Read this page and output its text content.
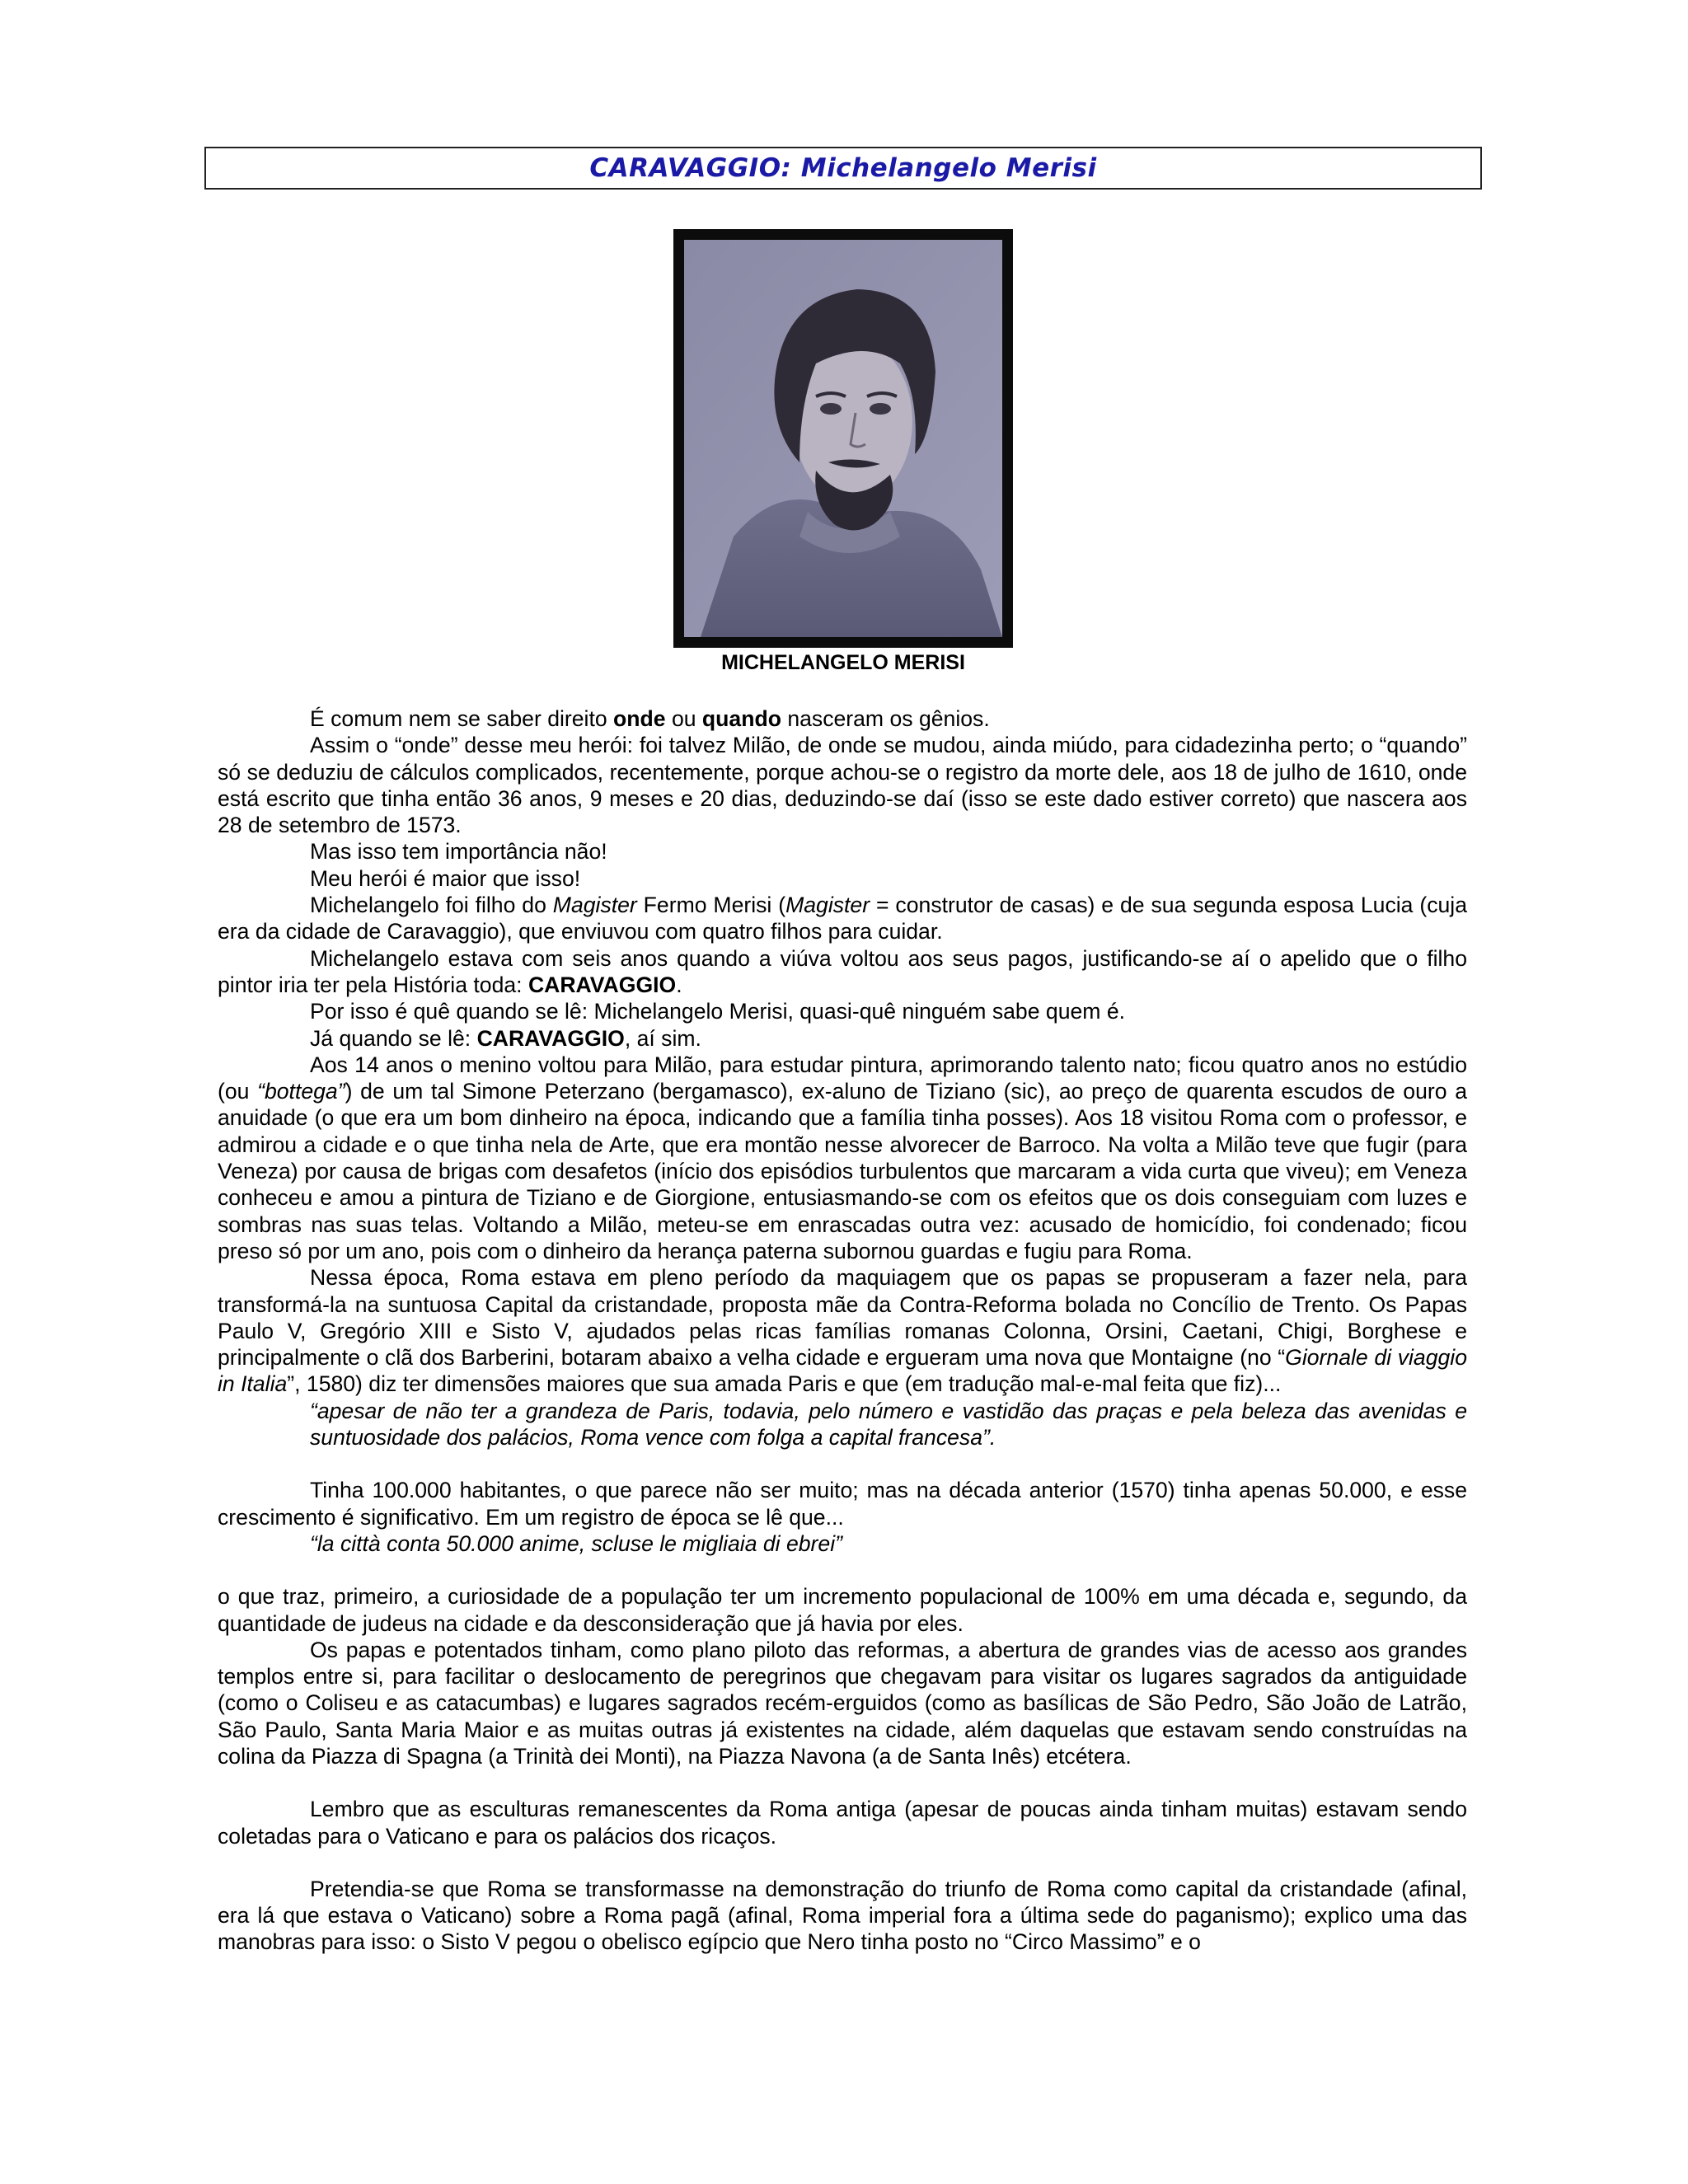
CARAVAGGIO: Michelangelo Merisi
MICHELANGELO MERISI

É comum nem se saber direito onde ou quando nasceram os gênios.

Assim o “onde” desse meu herói: foi talvez Milão, de onde se mudou, ainda miúdo, para cidadezinha perto; o “quando” só se deduziu de cálculos complicados, recentemente, porque achou-se o registro da morte dele, aos 18 de julho de 1610, onde está escrito que tinha então 36 anos, 9 meses e 20 dias, deduzindo-se daí (isso se este dado estiver correto) que nascera aos 28 de setembro de 1573.

Mas isso tem importância não!

Meu herói é maior que isso!

Michelangelo foi filho do Magister Fermo Merisi (Magister = construtor de casas) e de sua segunda esposa Lucia (cuja era da cidade de Caravaggio), que enviuvou com quatro filhos para cuidar.

Michelangelo estava com seis anos quando a viúva voltou aos seus pagos, justificando-se aí o apelido que o filho pintor iria ter pela História toda: CARAVAGGIO.

Por isso é quê quando se lê: Michelangelo Merisi, quasi-quê ninguém sabe quem é.

Já quando se lê: CARAVAGGIO, aí sim.

Aos 14 anos o menino voltou para Milão, para estudar pintura, aprimorando talento nato; ficou quatro anos no estúdio (ou “bottega”) de um tal Simone Peterzano (bergamasco), ex-aluno de Tiziano (sic), ao preço de quarenta escudos de ouro a anuidade (o que era um bom dinheiro na época, indicando que a família tinha posses). Aos 18 visitou Roma com o professor, e admirou a cidade e o que tinha nela de Arte, que era montão nesse alvorecer de Barroco. Na volta a Milão teve que fugir (para Veneza) por causa de brigas com desafetos (início dos episódios turbulentos que marcaram a vida curta que viveu); em Veneza conheceu e amou a pintura de Tiziano e de Giorgione, entusiasmando-se com os efeitos que os dois conseguiam com luzes e sombras nas suas telas. Voltando a Milão, meteu-se em enrascadas outra vez: acusado de homicídio, foi condenado; ficou preso só por um ano, pois com o dinheiro da herança paterna subornou guardas e fugiu para Roma.

Nessa época, Roma estava em pleno período da maquiagem que os papas se propuseram a fazer nela, para transformá-la na suntuosa Capital da cristandade, proposta mãe da Contra-Reforma bolada no Concílio de Trento. Os Papas Paulo V, Gregório XIII e Sisto V, ajudados pelas ricas famílias romanas Colonna, Orsini, Caetani, Chigi, Borghese e principalmente o clã dos Barberini, botaram abaixo a velha cidade e ergueram uma nova que Montaigne (no “Giornale di viaggio in Italia”, 1580) diz ter dimensões maiores que sua amada Paris e que (em tradução mal-e-mal feita que fiz)...

“apesar de não ter a grandeza de Paris, todavia, pelo número e vastidão das praças e pela beleza das avenidas e suntuosidade dos palácios, Roma vence com folga a capital francesa”.

Tinha 100.000 habitantes, o que parece não ser muito; mas na década anterior (1570) tinha apenas 50.000, e esse crescimento é significativo. Em um registro de época se lê que...

“la città conta 50.000 anime, scluse le migliaia di ebrei”

o que traz, primeiro, a curiosidade de a população ter um incremento populacional de 100% em uma década e, segundo, da quantidade de judeus na cidade e da desconsideração que já havia por eles.

Os papas e potentados tinham, como plano piloto das reformas, a abertura de grandes vias de acesso aos grandes templos entre si, para facilitar o deslocamento de peregrinos que chegavam para visitar os lugares sagrados da antiguidade (como o Coliseu e as catacumbas) e lugares sagrados recém-erguidos (como as basílicas de São Pedro, São João de Latrão, São Paulo, Santa Maria Maior e as muitas outras já existentes na cidade, além daquelas que estavam sendo construídas na colina da Piazza di Spagna (a Trinità dei Monti), na Piazza Navona (a de Santa Inês) etcétera.

Lembro que as esculturas remanescentes da Roma antiga (apesar de poucas ainda tinham muitas) estavam sendo coletadas para o Vaticano e para os palácios dos ricaços.

Pretendia-se que Roma se transformasse na demonstração do triunfo de Roma como capital da cristandade (afinal, era lá que estava o Vaticano) sobre a Roma pagã (afinal, Roma imperial fora a última sede do paganismo); explico uma das manobras para isso: o Sisto V pegou o obelisco egípcio que Nero tinha posto no “Circo Massimo” e o
